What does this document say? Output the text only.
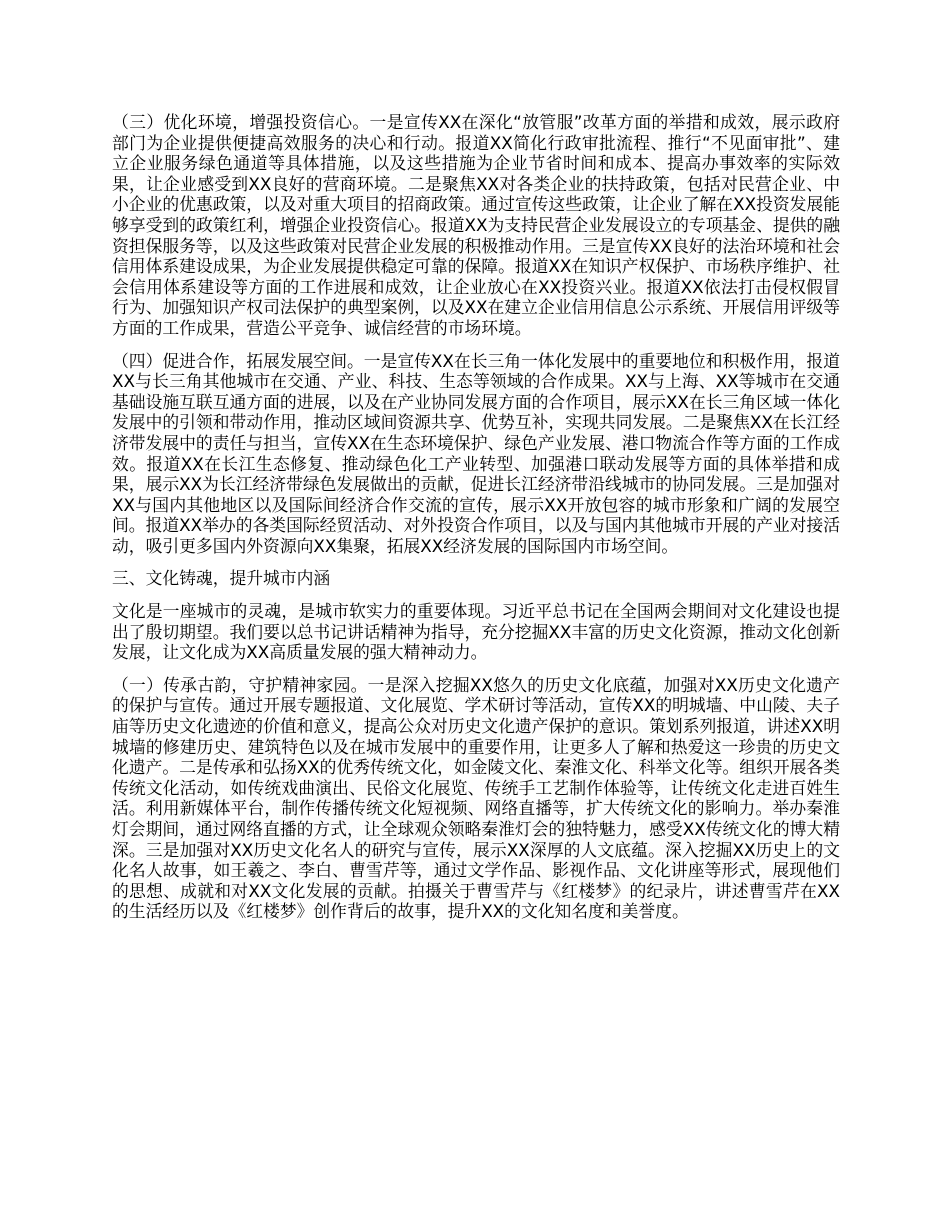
（三）优化环境，增强投资信心。一是宣传XX在深化“放管服”改革方面的举措和成效，展示政府部门为企业提供便捷高效服务的决心和行动。报道XX简化行政审批流程、推行“不见面审批”、建立企业服务绿色通道等具体措施，以及这些措施为企业节省时间和成本、提高办事效率的实际效果，让企业感受到XX良好的营商环境。二是聚焦XX对各类企业的扶持政策，包括对民营企业、中小企业的优惠政策，以及对重大项目的招商政策。通过宣传这些政策，让企业了解在XX投资发展能够享受到的政策红利，增强企业投资信心。报道XX为支持民营企业发展设立的专项基金、提供的融资担保服务等，以及这些政策对民营企业发展的积极推动作用。三是宣传XX良好的法治环境和社会信用体系建设成果，为企业发展提供稳定可靠的保障。报道XX在知识产权保护、市场秩序维护、社会信用体系建设等方面的工作进展和成效，让企业放心在XX投资兴业。报道XX依法打击侵权假冒行为、加强知识产权司法保护的典型案例，以及XX在建立企业信用信息公示系统、开展信用评级等方面的工作成果，营造公平竞争、诚信经营的市场环境。

（四）促进合作，拓展发展空间。一是宣传XX在长三角一体化发展中的重要地位和积极作用，报道XX与长三角其他城市在交通、产业、科技、生态等领域的合作成果。XX与上海、XX等城市在交通基础设施互联互通方面的进展，以及在产业协同发展方面的合作项目，展示XX在长三角区域一体化发展中的引领和带动作用，推动区域间资源共享、优势互补，实现共同发展。二是聚焦XX在长江经济带发展中的责任与担当，宣传XX在生态环境保护、绿色产业发展、港口物流合作等方面的工作成效。报道XX在长江生态修复、推动绿色化工产业转型、加强港口联动发展等方面的具体举措和成果，展示XX为长江经济带绿色发展做出的贡献，促进长江经济带沿线城市的协同发展。三是加强对XX与国内其他地区以及国际间经济合作交流的宣传，展示XX开放包容的城市形象和广阔的发展空间。报道XX举办的各类国际经贸活动、对外投资合作项目，以及与国内其他城市开展的产业对接活动，吸引更多国内外资源向XX集聚，拓展XX经济发展的国际国内市场空间。

三、文化铸魂，提升城市内涵

文化是一座城市的灵魂，是城市软实力的重要体现。习近平总书记在全国两会期间对文化建设也提出了殷切期望。我们要以总书记讲话精神为指导，充分挖掘XX丰富的历史文化资源，推动文化创新发展，让文化成为XX高质量发展的强大精神动力。

（一）传承古韵，守护精神家园。一是深入挖掘XX悠久的历史文化底蕴，加强对XX历史文化遗产的保护与宣传。通过开展专题报道、文化展览、学术研讨等活动，宣传XX的明城墙、中山陵、夫子庙等历史文化遗迹的价值和意义，提高公众对历史文化遗产保护的意识。策划系列报道，讲述XX明城墙的修建历史、建筑特色以及在城市发展中的重要作用，让更多人了解和热爱这一珍贵的历史文化遗产。二是传承和弘扬XX的优秀传统文化，如金陵文化、秦淮文化、科举文化等。组织开展各类传统文化活动，如传统戏曲演出、民俗文化展览、传统手工艺制作体验等，让传统文化走进百姓生活。利用新媒体平台，制作传播传统文化短视频、网络直播等，扩大传统文化的影响力。举办秦淮灯会期间，通过网络直播的方式，让全球观众领略秦淮灯会的独特魅力，感受XX传统文化的博大精深。三是加强对XX历史文化名人的研究与宣传，展示XX深厚的人文底蕴。深入挖掘XX历史上的文化名人故事，如王羲之、李白、曹雪芹等，通过文学作品、影视作品、文化讲座等形式，展现他们的思想、成就和对XX文化发展的贡献。拍摄关于曹雪芹与《红楼梦》的纪录片，讲述曹雪芹在XX的生活经历以及《红楼梦》创作背后的故事，提升XX的文化知名度和美誉度。
